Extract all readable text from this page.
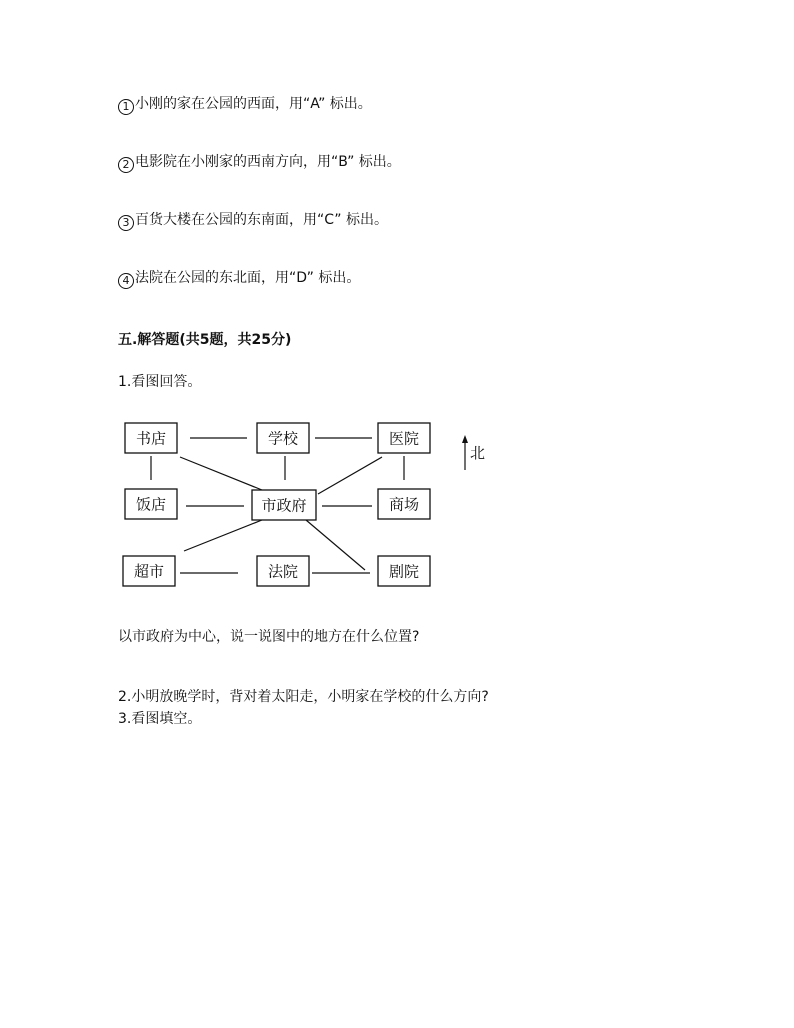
1 小刚的家在公园的西面，用“A” 标出。
2 电影院在小刚家的西南方向，用“B” 标出。
3 百货大楼在公园的东南面，用“C” 标出。
4 法院在公园的东北面，用“D” 标出。
五.解答题(共5题，共25分)
1.看图回答。
书店	学校	医院
饭店	市政府	商场
超市	法院	剧院
北
以市政府为中心，说一说图中的地方在什么位置?
2.小明放晚学时，背对着太阳走，小明家在学校的什么方向?
3.看图填空。
